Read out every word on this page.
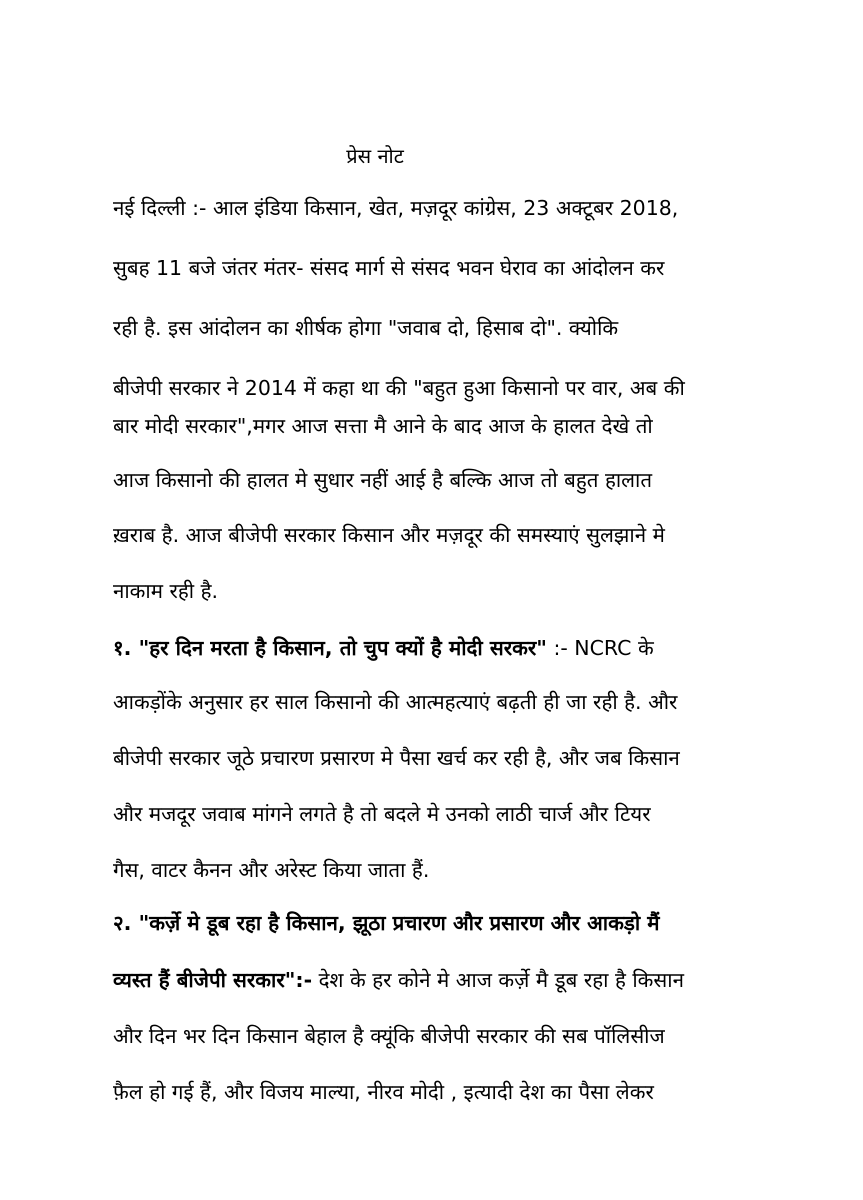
प्रेस नोट
नई दिल्ली :- आल इंडिया किसान, खेत, मज़दूर कांग्रेस, 23 अक्टूबर 2018,
सुबह 11 बजे जंतर मंतर- संसद मार्ग से संसद भवन घेराव का आंदोलन कर
रही है. इस आंदोलन का शीर्षक होगा "जवाब दो, हिसाब दो". क्योकि
बीजेपी सरकार ने 2014 में कहा था की "बहुत हुआ किसानो पर वार, अब की
बार मोदी सरकार",मगर आज सत्ता मै आने के बाद आज के हालत देखे तो
आज किसानो की हालत मे सुधार नहीं आई है बल्कि आज तो बहुत हालात
ख़राब है. आज बीजेपी सरकार किसान और मज़दूर की समस्याएं सुलझाने मे
नाकाम रही है.
१. "हर दिन मरता है किसान, तो चुप क्यों है मोदी सरकर" :- NCRC के
आकड़ोंके अनुसार हर साल किसानो की आत्महत्याएं बढ़ती ही जा रही है. और
बीजेपी सरकार जूठे प्रचारण प्रसारण मे पैसा खर्च कर रही है, और जब किसान
और मजदूर जवाब मांगने लगते है तो बदले मे उनको लाठी चार्ज और टियर
गैस, वाटर कैनन और अरेस्ट किया जाता हैं.
२. "कर्ज़े मे डूब रहा है किसान, झूठा प्रचारण और प्रसारण और आकड़ो मैं
व्यस्त हैं बीजेपी सरकार":- देश के हर कोने मे आज कर्ज़े मै डूब रहा है किसान
और दिन भर दिन किसान बेहाल है क्यूंकि बीजेपी सरकार की सब पॉलिसीज
फ़ैल हो गई हैं, और विजय माल्या, नीरव मोदी , इत्यादी देश का पैसा लेकर
